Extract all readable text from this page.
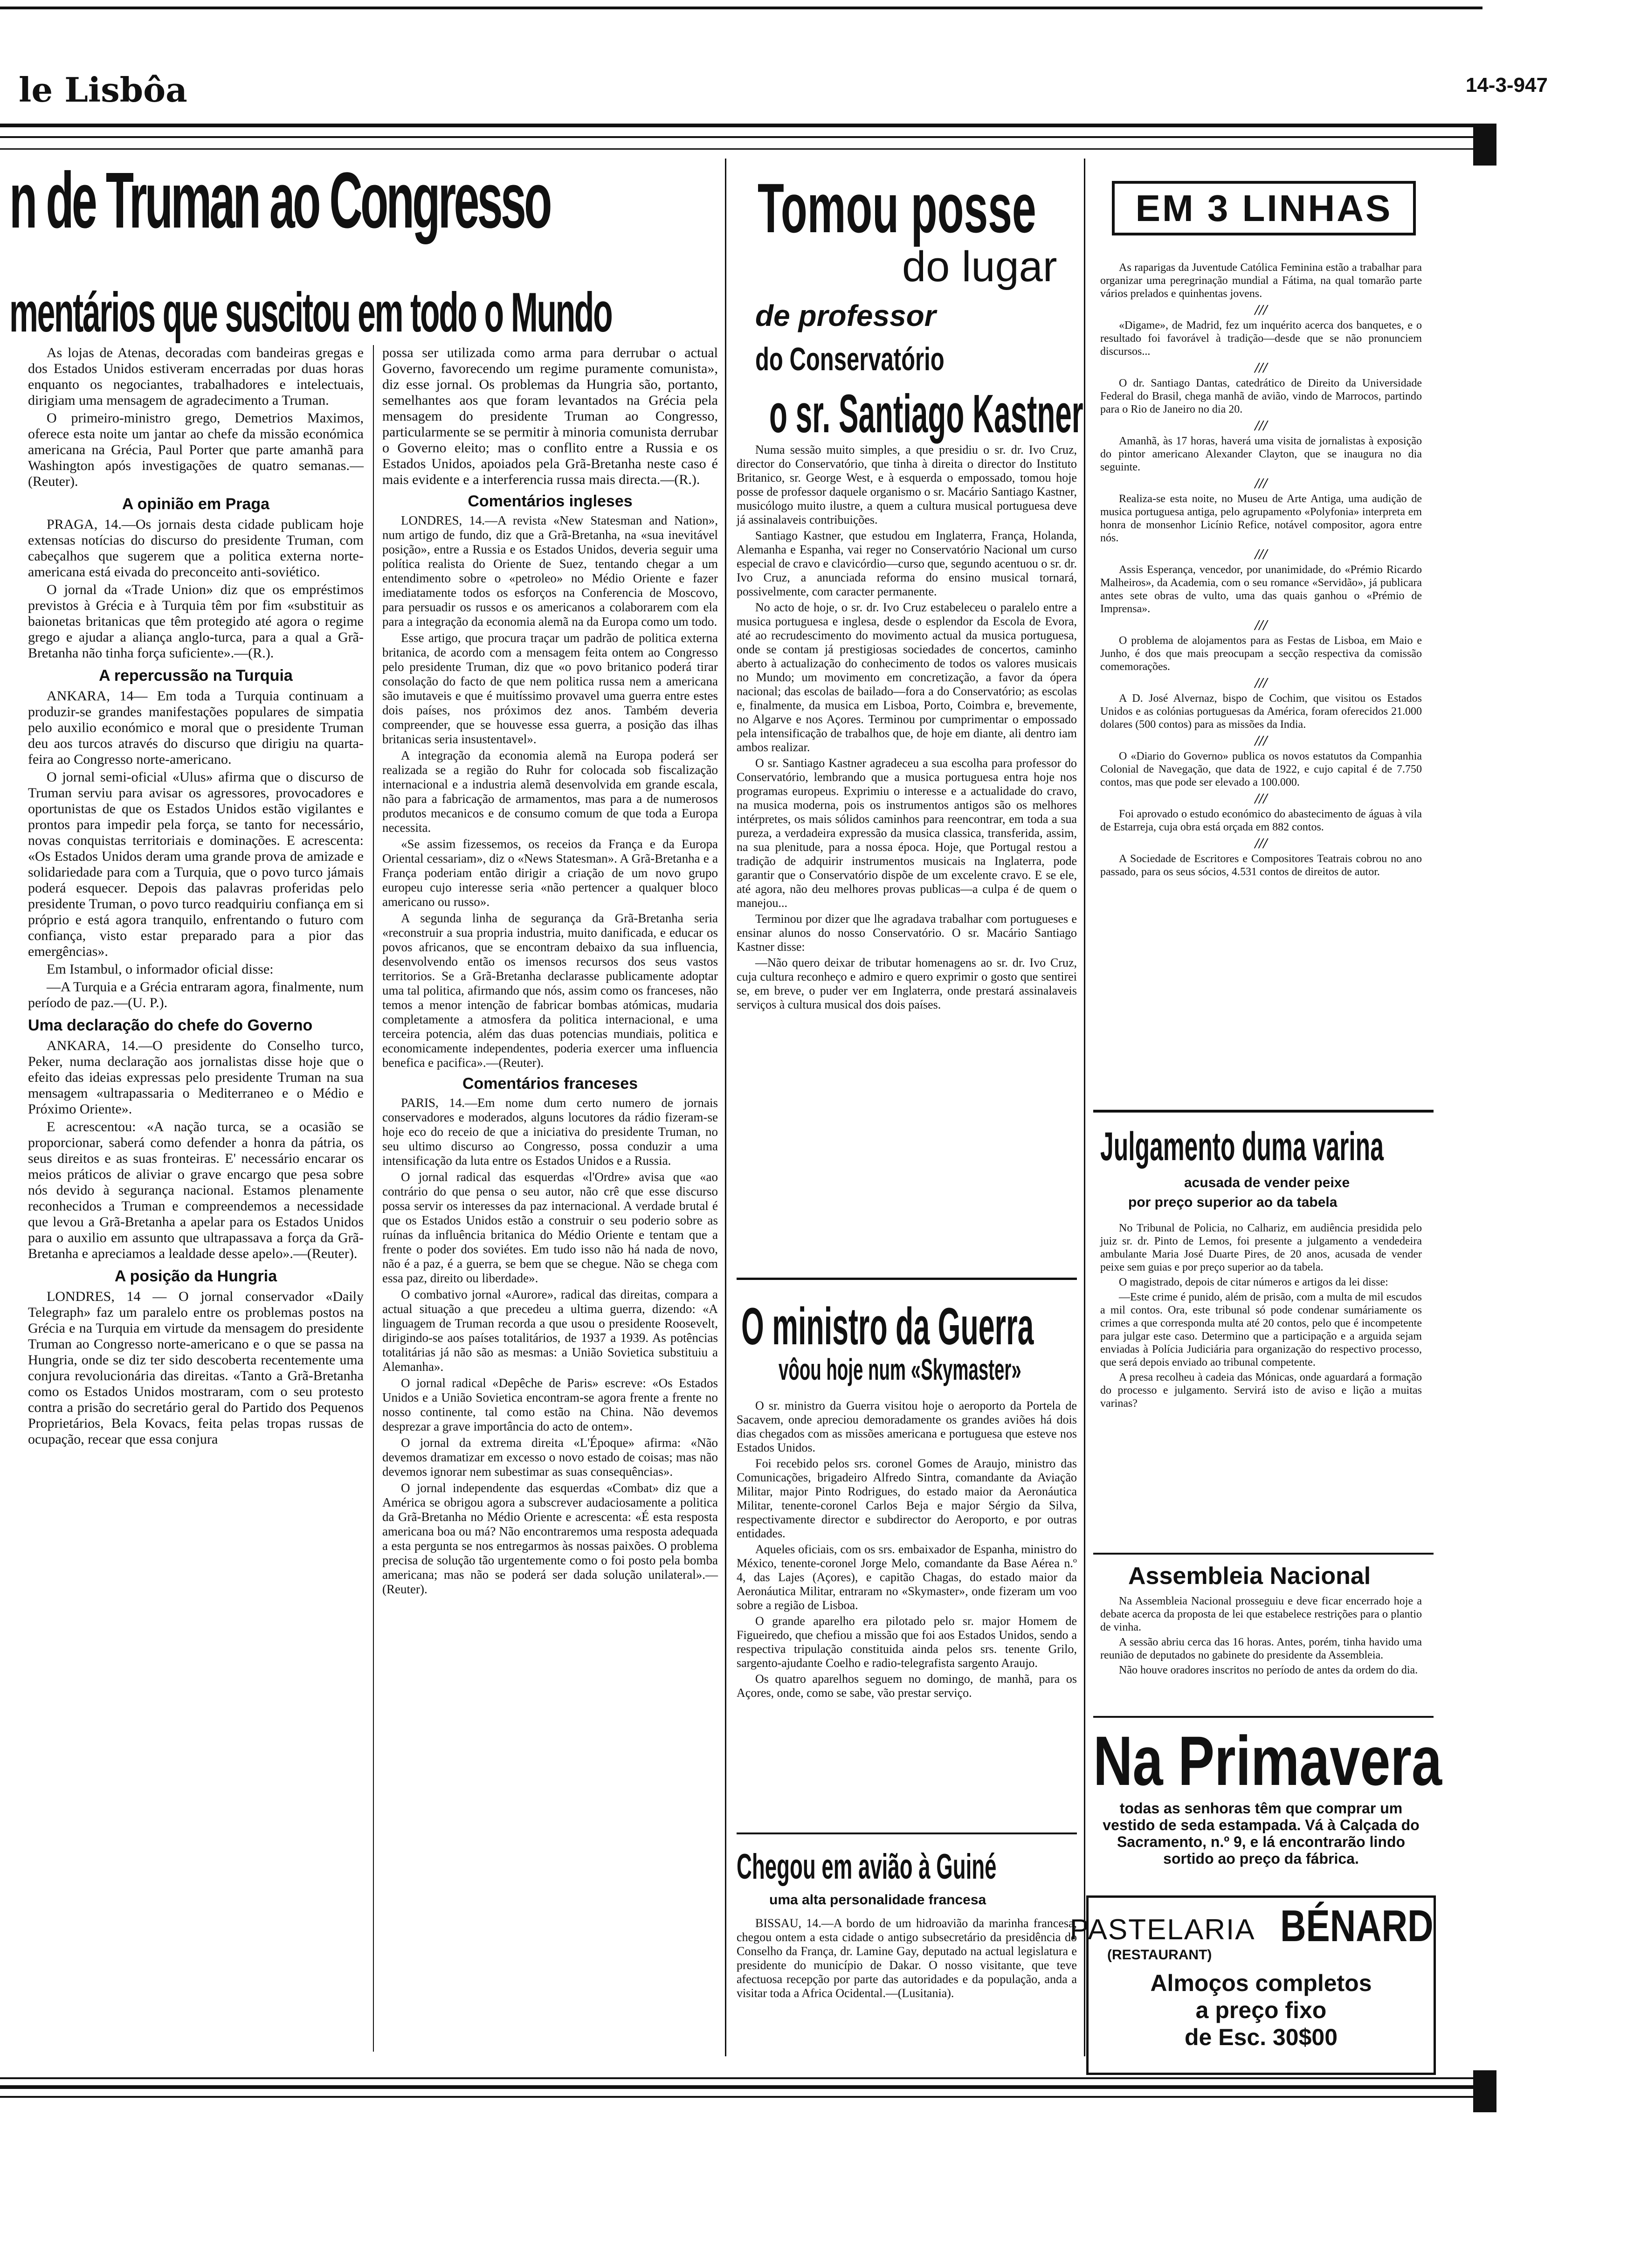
le Lisbôa	14-3-947
n de Truman ao Congresso
mentários que suscitou em todo o Mundo

As lojas de Atenas, decoradas com bandeiras gregas e dos Estados Unidos estiveram encerradas por duas horas enquanto os negociantes, trabalhadores e intelectuais, dirigiam uma mensagem de agradecimento a Truman.

O primeiro-ministro grego, Demetrios Maximos, oferece esta noite um jantar ao chefe da missão económica americana na Grécia, Paul Porter que parte amanhã para Washington após investigações de quatro semanas.—(Reuter).

A opinião em Praga

PRAGA, 14.—Os jornais desta cidade publicam hoje extensas notícias do discurso do presidente Truman, com cabeçalhos que sugerem que a politica externa norte-americana está eivada do preconceito anti-soviético.

O jornal da «Trade Union» diz que os empréstimos previstos à Grécia e à Turquia têm por fim «substituir as baionetas britanicas que têm protegido até agora o regime grego e ajudar a aliança anglo-turca, para a qual a Grã-Bretanha não tinha força suficiente».—(R.).

A repercussão na Turquia

ANKARA, 14— Em toda a Turquia continuam a produzir-se grandes manifestações populares de simpatia pelo auxilio económico e moral que o presidente Truman deu aos turcos através do discurso que dirigiu na quarta-feira ao Congresso norte-americano.

O jornal semi-oficial «Ulus» afirma que o discurso de Truman serviu para avisar os agressores, provocadores e oportunistas de que os Estados Unidos estão vigilantes e prontos para impedir pela força, se tanto for necessário, novas conquistas territoriais e dominações. E acrescenta: «Os Estados Unidos deram uma grande prova de amizade e solidariedade para com a Turquia, que o povo turco jámais poderá esquecer. Depois das palavras proferidas pelo presidente Truman, o povo turco readquiriu confiança em si próprio e está agora tranquilo, enfrentando o futuro com confiança, visto estar preparado para a pior das emergências».

Em Istambul, o informador oficial disse:

—A Turquia e a Grécia entraram agora, finalmente, num período de paz.—(U. P.).

Uma declaração do chefe do Governo

ANKARA, 14.—O presidente do Conselho turco, Peker, numa declaração aos jornalistas disse hoje que o efeito das ideias expressas pelo presidente Truman na sua mensagem «ultrapassaria o Mediterraneo e o Médio e Próximo Oriente».

E acrescentou: «A nação turca, se a ocasião se proporcionar, saberá como defender a honra da pátria, os seus direitos e as suas fronteiras. E' necessário encarar os meios práticos de aliviar o grave encargo que pesa sobre nós devido à segurança nacional. Estamos plenamente reconhecidos a Truman e compreendemos a necessidade que levou a Grã-Bretanha a apelar para os Estados Unidos para o auxilio em assunto que ultrapassava a força da Grã-Bretanha e apreciamos a lealdade desse apelo».—(Reuter).

A posição da Hungria

LONDRES, 14 — O jornal conservador «Daily Telegraph» faz um paralelo entre os problemas postos na Grécia e na Turquia em virtude da mensagem do presidente Truman ao Congresso norte-americano e o que se passa na Hungria, onde se diz ter sido descoberta recentemente uma conjura revolucionária das direitas. «Tanto a Grã-Bretanha como os Estados Unidos mostraram, com o seu protesto contra a prisão do secretário geral do Partido dos Pequenos Proprietários, Bela Kovacs, feita pelas tropas russas de ocupação, recear que essa conjura

possa ser utilizada como arma para derrubar o actual Governo, favorecendo um regime puramente comunista», diz esse jornal. Os problemas da Hungria são, portanto, semelhantes aos que foram levantados na Grécia pela mensagem do presidente Truman ao Congresso, particularmente se se permitir à minoria comunista derrubar o Governo eleito; mas o conflito entre a Russia e os Estados Unidos, apoiados pela Grã-Bretanha neste caso é mais evidente e a interferencia russa mais directa.—(R.).

Comentários ingleses

LONDRES, 14.—A revista «New Statesman and Nation», num artigo de fundo, diz que a Grã-Bretanha, na «sua inevitável posição», entre a Russia e os Estados Unidos, deveria seguir uma política realista do Oriente de Suez, tentando chegar a um entendimento sobre o «petroleo» no Médio Oriente e fazer imediatamente todos os esforços na Conferencia de Moscovo, para persuadir os russos e os americanos a colaborarem com ela para a integração da economia alemã na da Europa como um todo.

Esse artigo, que procura traçar um padrão de politica externa britanica, de acordo com a mensagem feita ontem ao Congresso pelo presidente Truman, diz que «o povo britanico poderá tirar consolação do facto de que nem politica russa nem a americana são imutaveis e que é muitíssimo provavel uma guerra entre estes dois países, nos próximos dez anos. Também deveria compreender, que se houvesse essa guerra, a posição das ilhas britanicas seria insustentavel».

A integração da economia alemã na Europa poderá ser realizada se a região do Ruhr for colocada sob fiscalização internacional e a industria alemã desenvolvida em grande escala, não para a fabricação de armamentos, mas para a de numerosos produtos mecanicos e de consumo comum de que toda a Europa necessita.

«Se assim fizessemos, os receios da França e da Europa Oriental cessariam», diz o «News Statesman». A Grã-Bretanha e a França poderiam então dirigir a criação de um novo grupo europeu cujo interesse seria «não pertencer a qualquer bloco americano ou russo».

A segunda linha de segurança da Grã-Bretanha seria «reconstruir a sua propria industria, muito danificada, e educar os povos africanos, que se encontram debaixo da sua influencia, desenvolvendo então os imensos recursos dos seus vastos territorios. Se a Grã-Bretanha declarasse publicamente adoptar uma tal politica, afirmando que nós, assim como os franceses, não temos a menor intenção de fabricar bombas atómicas, mudaria completamente a atmosfera da politica internacional, e uma terceira potencia, além das duas potencias mundiais, politica e economicamente independentes, poderia exercer uma influencia benefica e pacifica».—(Reuter).

Comentários franceses

PARIS, 14.—Em nome dum certo numero de jornais conservadores e moderados, alguns locutores da rádio fizeram-se hoje eco do receio de que a iniciativa do presidente Truman, no seu ultimo discurso ao Congresso, possa conduzir a uma intensificação da luta entre os Estados Unidos e a Russia.

O jornal radical das esquerdas «l'Ordre» avisa que «ao contrário do que pensa o seu autor, não crê que esse discurso possa servir os interesses da paz internacional. A verdade brutal é que os Estados Unidos estão a construir o seu poderio sobre as ruínas da influência britanica do Médio Oriente e tentam que a frente o poder dos soviétes. Em tudo isso não há nada de novo, não é a paz, é a guerra, se bem que se chegue. Não se chega com essa paz, direito ou liberdade».

O combativo jornal «Aurore», radical das direitas, compara a actual situação a que precedeu a ultima guerra, dizendo: «A linguagem de Truman recorda a que usou o presidente Roosevelt, dirigindo-se aos países totalitários, de 1937 a 1939. As potências totalitárias já não são as mesmas: a União Sovietica substituiu a Alemanha».

O jornal radical «Depêche de Paris» escreve: «Os Estados Unidos e a União Sovietica encontram-se agora frente a frente no nosso continente, tal como estão na China. Não devemos desprezar a grave importância do acto de ontem».

O jornal da extrema direita «L'Époque» afirma: «Não devemos dramatizar em excesso o novo estado de coisas; mas não devemos ignorar nem subestimar as suas consequências».

O jornal independente das esquerdas «Combat» diz que a América se obrigou agora a subscrever audaciosamente a politica da Grã-Bretanha no Médio Oriente e acrescenta: «É esta resposta americana boa ou má? Não encontraremos uma resposta adequada a esta pergunta se nos entregarmos às nossas paixões. O problema precisa de solução tão urgentemente como o foi posto pela bomba americana; mas não se poderá ser dada solução unilateral».—(Reuter).

Tomou posse
do lugar
de professor
do Conservatório
o sr. Santiago Kastner

Numa sessão muito simples, a que presidiu o sr. dr. Ivo Cruz, director do Conservatório, que tinha à direita o director do Instituto Britanico, sr. George West, e à esquerda o empossado, tomou hoje posse de professor daquele organismo o sr. Macário Santiago Kastner, musicólogo muito ilustre, a quem a cultura musical portuguesa deve já assinalaveis contribuições.

Santiago Kastner, que estudou em Inglaterra, França, Holanda, Alemanha e Espanha, vai reger no Conservatório Nacional um curso especial de cravo e clavicórdio—curso que, segundo acentuou o sr. dr. Ivo Cruz, a anunciada reforma do ensino musical tornará, possivelmente, com caracter permanente.

No acto de hoje, o sr. dr. Ivo Cruz estabeleceu o paralelo entre a musica portuguesa e inglesa, desde o esplendor da Escola de Evora, até ao recrudescimento do movimento actual da musica portuguesa, onde se contam já prestigiosas sociedades de concertos, caminho aberto à actualização do conhecimento de todos os valores musicais no Mundo; um movimento em concretização, a favor da ópera nacional; das escolas de bailado—fora a do Conservatório; as escolas e, finalmente, da musica em Lisboa, Porto, Coimbra e, brevemente, no Algarve e nos Açores. Terminou por cumprimentar o empossado pela intensificação de trabalhos que, de hoje em diante, ali dentro iam ambos realizar.

O sr. Santiago Kastner agradeceu a sua escolha para professor do Conservatório, lembrando que a musica portuguesa entra hoje nos programas europeus. Exprimiu o interesse e a actualidade do cravo, na musica moderna, pois os instrumentos antigos são os melhores intérpretes, os mais sólidos caminhos para reencontrar, em toda a sua pureza, a verdadeira expressão da musica classica, transferida, assim, na sua plenitude, para a nossa época. Hoje, que Portugal restou a tradição de adquirir instrumentos musicais na Inglaterra, pode garantir que o Conservatório dispõe de um excelente cravo. E se ele, até agora, não deu melhores provas publicas—a culpa é de quem o manejou...

Terminou por dizer que lhe agradava trabalhar com portugueses e ensinar alunos do nosso Conservatório. O sr. Macário Santiago Kastner disse:

—Não quero deixar de tributar homenagens ao sr. dr. Ivo Cruz, cuja cultura reconheço e admiro e quero exprimir o gosto que sentirei se, em breve, o puder ver em Inglaterra, onde prestará assinalaveis serviços à cultura musical dos dois países.

O ministro da Guerra
vôou hoje num «Skymaster»

O sr. ministro da Guerra visitou hoje o aeroporto da Portela de Sacavem, onde apreciou demoradamente os grandes aviões há dois dias chegados com as missões americana e portuguesa que esteve nos Estados Unidos.

Foi recebido pelos srs. coronel Gomes de Araujo, ministro das Comunicações, brigadeiro Alfredo Sintra, comandante da Aviação Militar, major Pinto Rodrigues, do estado maior da Aeronáutica Militar, tenente-coronel Carlos Beja e major Sérgio da Silva, respectivamente director e subdirector do Aeroporto, e por outras entidades.

Aqueles oficiais, com os srs. embaixador de Espanha, ministro do México, tenente-coronel Jorge Melo, comandante da Base Aérea n.º 4, das Lajes (Açores), e capitão Chagas, do estado maior da Aeronáutica Militar, entraram no «Skymaster», onde fizeram um voo sobre a região de Lisboa.

O grande aparelho era pilotado pelo sr. major Homem de Figueiredo, que chefiou a missão que foi aos Estados Unidos, sendo a respectiva tripulação constituida ainda pelos srs. tenente Grilo, sargento-ajudante Coelho e radio-telegrafista sargento Araujo.

Os quatro aparelhos seguem no domingo, de manhã, para os Açores, onde, como se sabe, vão prestar serviço.

Chegou em avião à Guiné
uma alta personalidade francesa

BISSAU, 14.—A bordo de um hidroavião da marinha francesa, chegou ontem a esta cidade o antigo subsecretário da presidência do Conselho da França, dr. Lamine Gay, deputado na actual legislatura e presidente do município de Dakar. O nosso visitante, que teve afectuosa recepção por parte das autoridades e da população, anda a visitar toda a Africa Ocidental.—(Lusitania).

EM 3 LINHAS

As raparigas da Juventude Católica Feminina estão a trabalhar para organizar uma peregrinação mundial a Fátima, na qual tomarão parte vários prelados e quinhentas jovens.

///

«Digame», de Madrid, fez um inquérito acerca dos banquetes, e o resultado foi favorável à tradição—desde que se não pronunciem discursos...

///

O dr. Santiago Dantas, catedrático de Direito da Universidade Federal do Brasil, chega manhã de avião, vindo de Marrocos, partindo para o Rio de Janeiro no dia 20.

///

Amanhã, às 17 horas, haverá uma visita de jornalistas à exposição do pintor americano Alexander Clayton, que se inaugura no dia seguinte.

///

Realiza-se esta noite, no Museu de Arte Antiga, uma audição de musica portuguesa antiga, pelo agrupamento «Polyfonia» interpreta em honra de monsenhor Licínio Refice, notável compositor, agora entre nós.

///

Assis Esperança, vencedor, por unanimidade, do «Prémio Ricardo Malheiros», da Academia, com o seu romance «Servidão», já publicara antes sete obras de vulto, uma das quais ganhou o «Prémio de Imprensa».

///

O problema de alojamentos para as Festas de Lisboa, em Maio e Junho, é dos que mais preocupam a secção respectiva da comissão comemorações.

///

A D. José Alvernaz, bispo de Cochim, que visitou os Estados Unidos e as colónias portuguesas da América, foram oferecidos 21.000 dolares (500 contos) para as missões da India.

///

O «Diario do Governo» publica os novos estatutos da Companhia Colonial de Navegação, que data de 1922, e cujo capital é de 7.750 contos, mas que pode ser elevado a 100.000.

///

Foi aprovado o estudo económico do abastecimento de águas à vila de Estarreja, cuja obra está orçada em 882 contos.

///

A Sociedade de Escritores e Compositores Teatrais cobrou no ano passado, para os seus sócios, 4.531 contos de direitos de autor.

Julgamento duma varina
acusada de vender peixe
por preço superior ao da tabela

No Tribunal de Policia, no Calhariz, em audiência presidida pelo juiz sr. dr. Pinto de Lemos, foi presente a julgamento a vendedeira ambulante Maria José Duarte Pires, de 20 anos, acusada de vender peixe sem guias e por preço superior ao da tabela.

O magistrado, depois de citar números e artigos da lei disse:

—Este crime é punido, além de prisão, com a multa de mil escudos a mil contos. Ora, este tribunal só pode condenar sumáriamente os crimes a que corresponda multa até 20 contos, pelo que é incompetente para julgar este caso. Determino que a participação e a arguida sejam enviadas à Polícia Judiciária para organização do respectivo processo, que será depois enviado ao tribunal competente.

A presa recolheu à cadeia das Mónicas, onde aguardará a formação do processo e julgamento. Servirá isto de aviso e lição a muitas varinas?

Assembleia Nacional

Na Assembleia Nacional prosseguiu e deve ficar encerrado hoje a debate acerca da proposta de lei que estabelece restrições para o plantio de vinha.

A sessão abriu cerca das 16 horas. Antes, porém, tinha havido uma reunião de deputados no gabinete do presidente da Assembleia.

Não houve oradores inscritos no período de antes da ordem do dia.

Na Primavera
todas as senhoras têm que comprar um vestido de seda estampada. Vá à Calçada do Sacramento, n.º 9, e lá encontrarão lindo sortido ao preço da fábrica.
PASTELARIA BÉNARD
(RESTAURANT)
Almoços completos
a preço fixo
de Esc. 30$00
